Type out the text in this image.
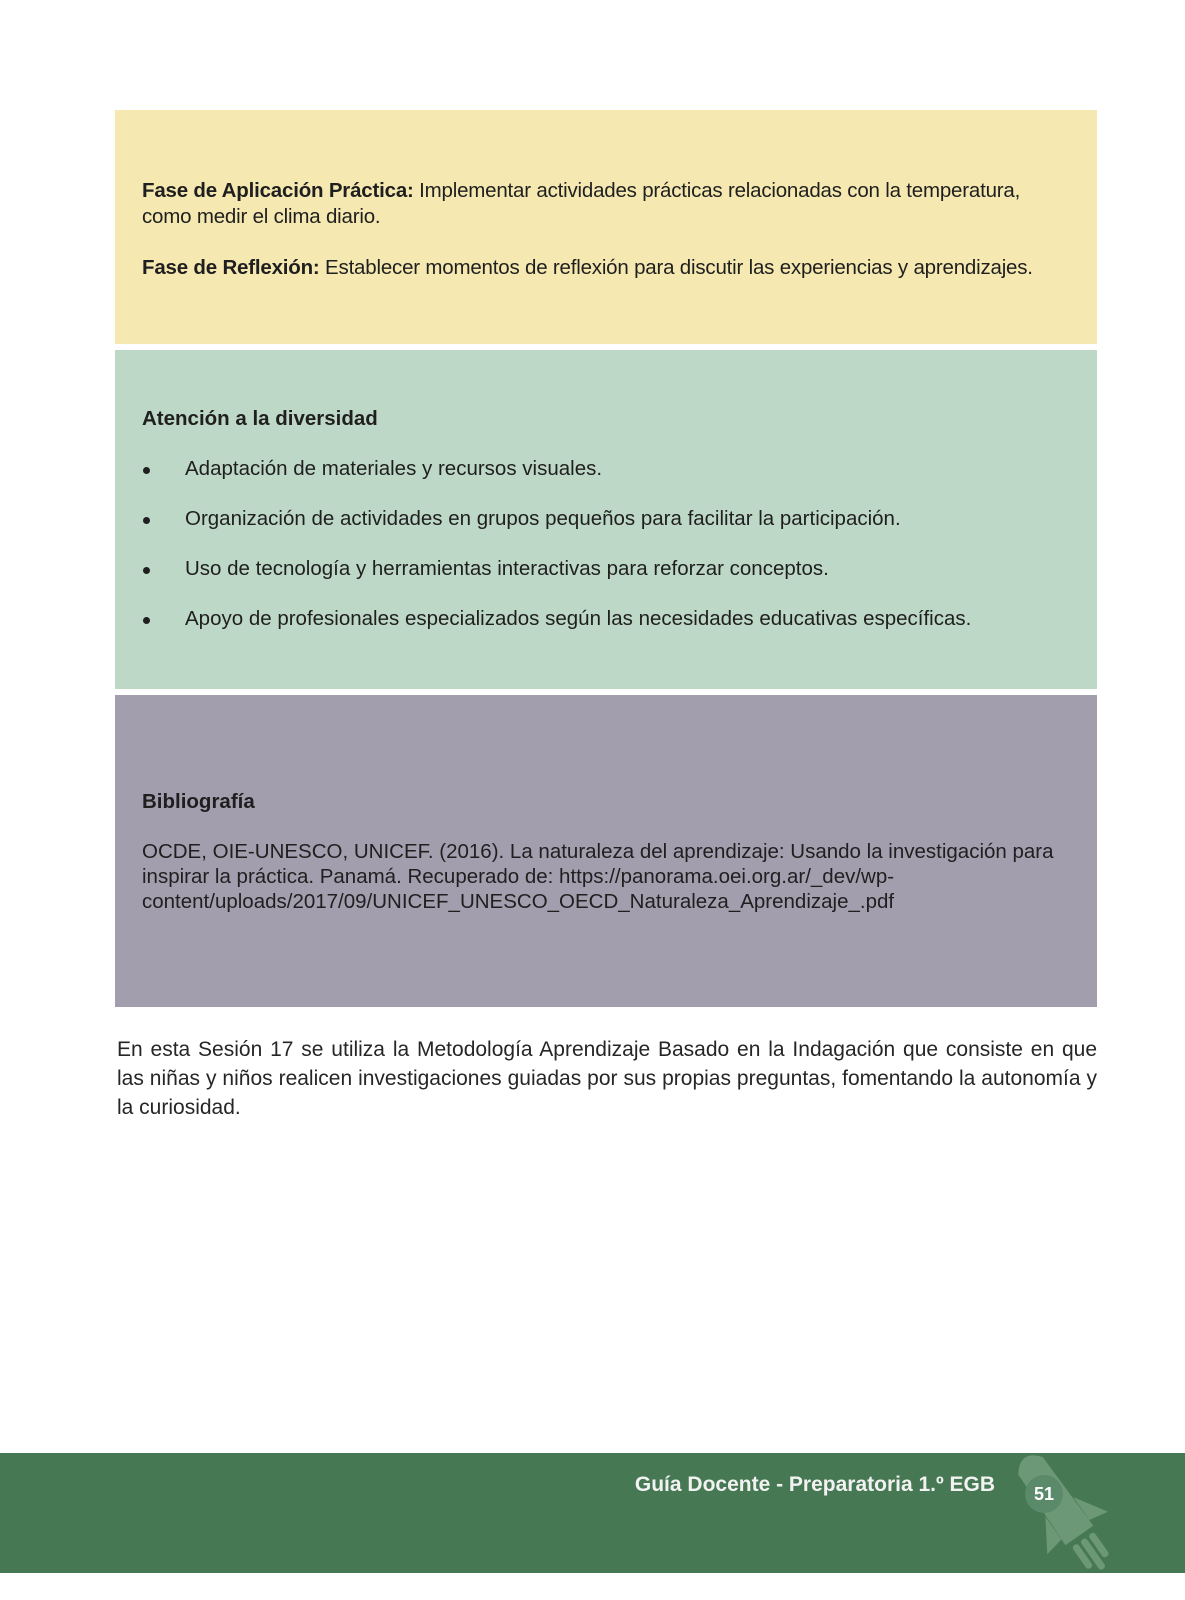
Fase de Aplicación Práctica: Implementar actividades prácticas relacionadas con la temperatura, como medir el clima diario.

Fase de Reflexión: Establecer momentos de reflexión para discutir las experiencias y aprendizajes.

Atención a la diversidad
Adaptación de materiales y recursos visuales.
Organización de actividades en grupos pequeños para facilitar la participación.
Uso de tecnología y herramientas interactivas para reforzar conceptos.
Apoyo de profesionales especializados según las necesidades educativas específicas.
Bibliografía

OCDE, OIE-UNESCO, UNICEF. (2016). La naturaleza del aprendizaje: Usando la investigación para inspirar la práctica. Panamá. Recuperado de: https://panorama.oei.org.ar/_dev/wp-content/uploads/2017/09/UNICEF_UNESCO_OECD_Naturaleza_Aprendizaje_.pdf

En esta Sesión 17 se utiliza la Metodología Aprendizaje Basado en la Indagación que consiste en que las niñas y niños realicen investigaciones guiadas por sus propias preguntas, fomentando la autonomía y la curiosidad.

Guía Docente - Preparatoria 1.º EGB	51
